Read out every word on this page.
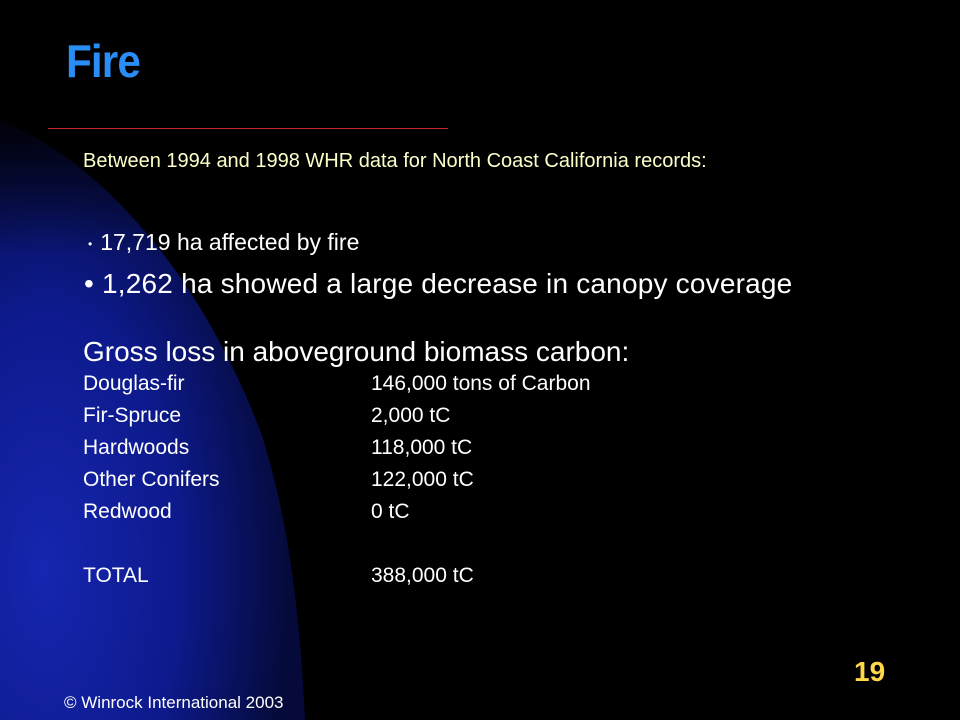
Fire
Between 1994 and 1998 WHR data for North Coast California records:
• 17,719 ha affected by fire
• 1,262 ha showed a large decrease in canopy coverage
Gross loss in aboveground biomass carbon:
Douglas-fir	146,000 tons of Carbon
Fir-Spruce	2,000 tC
Hardwoods	118,000 tC
Other Conifers	122,000 tC
Redwood	0 tC
TOTAL	388,000 tC
19
© Winrock International 2003
